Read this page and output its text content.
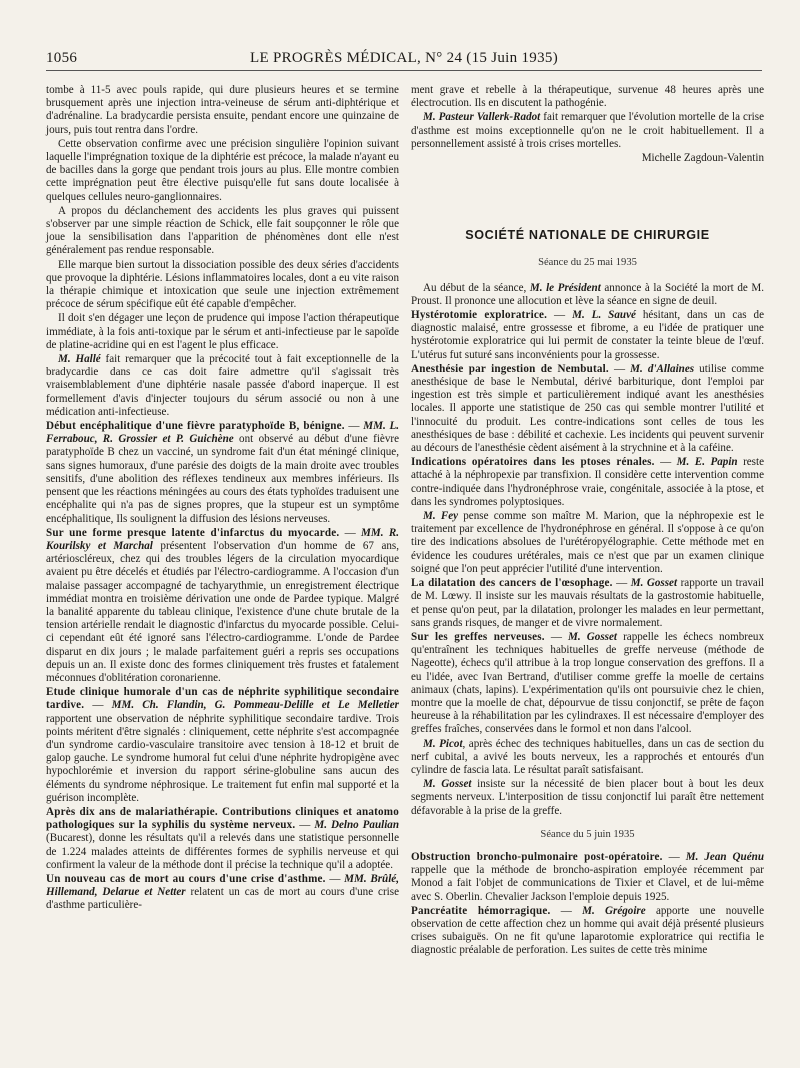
1056	LE PROGRÈS MÉDICAL, N° 24 (15 Juin 1935)

tombe à 11-5 avec pouls rapide, qui dure plusieurs heures et se termine brusquement après une injection intra-veineuse de sérum anti-diphtérique et d'adrénaline. La bradycardie persista ensuite, pendant encore une quinzaine de jours, puis tout rentra dans l'ordre.

Cette observation confirme avec une précision singulière l'opinion suivant laquelle l'imprégnation toxique de la diphtérie est précoce, la malade n'ayant eu de bacilles dans la gorge que pendant trois jours au plus. Elle montre combien cette imprégnation peut être élective puisqu'elle fut sans doute localisée à quelques cellules neuro-ganglionnaires.

A propos du déclanchement des accidents les plus graves qui puissent s'observer par une simple réaction de Schick, elle fait soupçonner le rôle que joue la sensibilisation dans l'apparition de phénomènes dont elle n'est généralement pas rendue responsable.

Elle marque bien surtout la dissociation possible des deux séries d'accidents que provoque la diphtérie. Lésions inflammatoires locales, dont a eu vite raison la thérapie chimique et intoxication que seule une injection extrêmement précoce de sérum spécifique eût été capable d'empêcher.

Il doit s'en dégager une leçon de prudence qui impose l'action thérapeutique immédiate, à la fois anti-toxique par le sérum et anti-infectieuse par le sapoïde de platine-acridine qui en est l'agent le plus efficace.

M. Hallé fait remarquer que la précocité tout à fait exceptionnelle de la bradycardie dans ce cas doit faire admettre qu'il s'agissait très vraisemblablement d'une diphtérie nasale passée d'abord inaperçue. Il est formellement d'avis d'injecter toujours du sérum associé ou non à une médication anti-infectieuse.

Début encéphalitique d'une fièvre paratyphoïde B, bénigne. — MM. L. Ferrabouc, R. Grossier et P. Guichène ont observé au début d'une fièvre paratyphoïde B chez un vacciné, un syndrome fait d'un état méningé clinique, sans signes humoraux, d'une parésie des doigts de la main droite avec troubles sensitifs, d'une abolition des réflexes tendineux aux membres inférieurs. Ils pensent que les réactions méningées au cours des états typhoïdes traduisent une encéphalite qui n'a pas de signes propres, que la stupeur est un symptôme encéphalitique, Ils soulignent la diffusion des lésions nerveuses.

Sur une forme presque latente d'infarctus du myocarde. — MM. R. Kourilsky et Marchal présentent l'observation d'un homme de 67 ans, artérioscléreux, chez qui des troubles légers de la circulation myocardique avaient pu être décelés et étudiés par l'électro-cardiogramme. A l'occasion d'un malaise passager accompagné de tachyarythmie, un enregistrement électrique immédiat montra en troisième dérivation une onde de Pardee typique. Malgré la banalité apparente du tableau clinique, l'existence d'une chute brutale de la tension artérielle rendait le diagnostic d'infarctus du myocarde possible. Celui-ci cependant eût été ignoré sans l'électro-cardiogramme. L'onde de Pardee disparut en dix jours ; le malade parfaitement guéri a repris ses occupations depuis un an. Il existe donc des formes cliniquement très frustes et fatalement méconnues d'oblitération coronarienne.

Etude clinique humorale d'un cas de néphrite syphilitique secondaire tardive. — MM. Ch. Flandin, G. Pommeau-Delille et Le Melletier rapportent une observation de néphrite syphilitique secondaire tardive. Trois points méritent d'être signalés : cliniquement, cette néphrite s'est accompagnée d'un syndrome cardio-vasculaire transitoire avec tension à 18-12 et bruit de galop gauche. Le syndrome humoral fut celui d'une néphrite hydropigène avec hypochlorémie et inversion du rapport sérine-globuline sans aucun des éléments du syndrome néphrosique. Le traitement fut enfin mal supporté et la guérison incomplète.

Après dix ans de malariathérapie. Contributions cliniques et anatomo pathologiques sur la syphilis du système nerveux. — M. Delno Paulian (Bucarest), donne les résultats qu'il a relevés dans une statistique personnelle de 1.224 malades atteints de différentes formes de syphilis nerveuse et qui confirment la valeur de la méthode dont il précise la technique qu'il a adoptée.

Un nouveau cas de mort au cours d'une crise d'asthme. — MM. Brûlé, Hillemand, Delarue et Netter relatent un cas de mort au cours d'une crise d'asthme particulière-

ment grave et rebelle à la thérapeutique, survenue 48 heures après une électrocution. Ils en discutent la pathogénie.

M. Pasteur Vallerk-Radot fait remarquer que l'évolution mortelle de la crise d'asthme est moins exceptionnelle qu'on ne le croit habituellement. Il a personnellement assisté à trois crises mortelles.

Michelle Zagdoun-Valentin

SOCIÉTÉ NATIONALE DE CHIRURGIE
Séance du 25 mai 1935

Au début de la séance, M. le Président annonce à la Société la mort de M. Proust. Il prononce une allocution et lève la séance en signe de deuil.

Hystérotomie exploratrice. — M. L. Sauvé hésitant, dans un cas de diagnostic malaisé, entre grossesse et fibrome, a eu l'idée de pratiquer une hystérotomie exploratrice qui lui permit de constater la teinte bleue de l'œuf. L'utérus fut suturé sans inconvénients pour la grossesse.

Anesthésie par ingestion de Nembutal. — M. d'Allaines utilise comme anesthésique de base le Nembutal, dérivé barbiturique, dont l'emploi par ingestion est très simple et particulièrement indiqué avant les anesthésies locales. Il apporte une statistique de 250 cas qui semble montrer l'utilité et l'innocuité du produit. Les contre-indications sont celles de tous les anesthésiques de base : débilité et cachexie. Les incidents qui peuvent survenir au décours de l'anesthésie cèdent aisément à la strychnine et à la caféine.

Indications opératoires dans les ptoses rénales. — M. E. Papin reste attaché à la néphropexie par transfixion. Il considère cette intervention comme contre-indiquée dans l'hydronéphrose vraie, congénitale, associée à la ptose, et dans les syndromes polyptosiques.

M. Fey pense comme son maître M. Marion, que la néphropexie est le traitement par excellence de l'hydronéphrose en général. Il s'oppose à ce qu'on tire des indications absolues de l'urétéropyélographie. Cette méthode met en évidence les coudures urétérales, mais ce n'est que par un examen clinique soigné que l'on peut apprécier l'utilité d'une intervention.

La dilatation des cancers de l'œsophage. — M. Gosset rapporte un travail de M. Lœwy. Il insiste sur les mauvais résultats de la gastrostomie habituelle, et pense qu'on peut, par la dilatation, prolonger les malades en leur permettant, sans grands risques, de manger et de vivre normalement.

Sur les greffes nerveuses. — M. Gosset rappelle les échecs nombreux qu'entraînent les techniques habituelles de greffe nerveuse (méthode de Nageotte), échecs qu'il attribue à la trop longue conservation des greffons. Il a eu l'idée, avec Ivan Bertrand, d'utiliser comme greffe la moelle de certains animaux (chats, lapins). L'expérimentation qu'ils ont poursuivie chez le chien, montre que la moelle de chat, dépourvue de tissu conjonctif, se prête de façon heureuse à la réhabilitation par les cylindraxes. Il est nécessaire d'employer des greffes fraîches, conservées dans le formol et non dans l'alcool.

M. Picot, après échec des techniques habituelles, dans un cas de section du nerf cubital, a avivé les bouts nerveux, les a rapprochés et entourés d'un cylindre de fascia lata. Le résultat paraît satisfaisant.

M. Gosset insiste sur la nécessité de bien placer bout à bout les deux segments nerveux. L'interposition de tissu conjonctif lui paraît être nettement défavorable à la prise de la greffe.

Séance du 5 juin 1935

Obstruction broncho-pulmonaire post-opératoire. — M. Jean Quénu rappelle que la méthode de broncho-aspiration employée récemment par Monod a fait l'objet de communications de Tixier et Clavel, et de lui-même avec S. Oberlin. Chevalier Jackson l'emploie depuis 1925.

Pancréatite hémorragique. — M. Grégoire apporte une nouvelle observation de cette affection chez un homme qui avait déjà présenté plusieurs crises subaiguës. On ne fit qu'une laparotomie exploratrice qui rectifia le diagnostic préalable de perforation. Les suites de cette très minime
